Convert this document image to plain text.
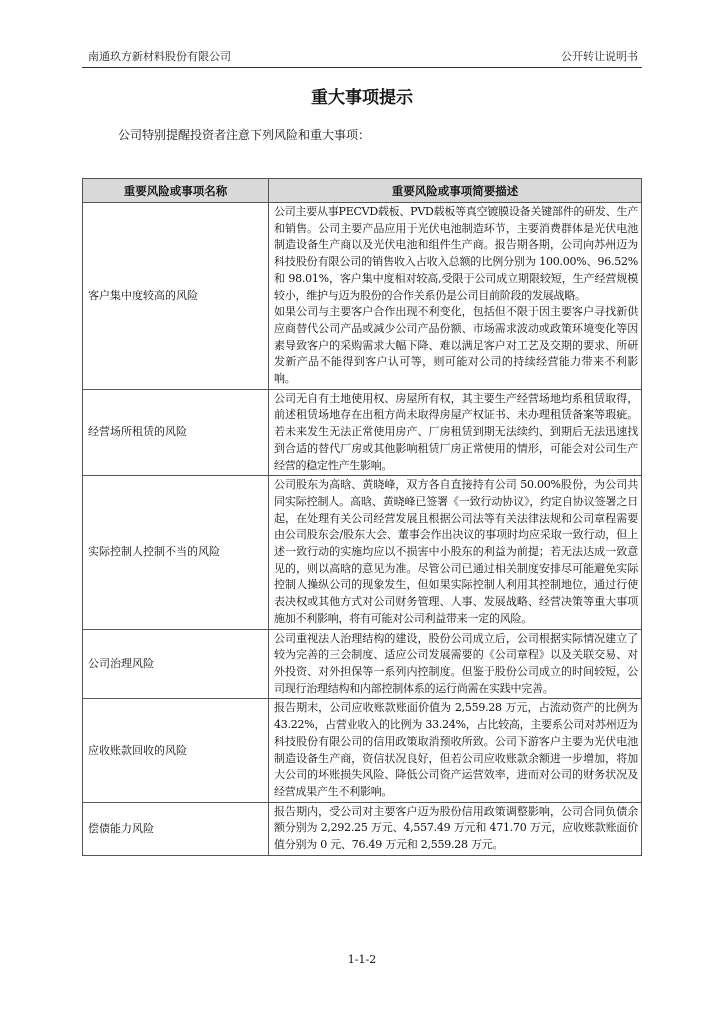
南通玖方新材料股份有限公司	公开转让说明书
重大事项提示
公司特别提醒投资者注意下列风险和重大事项：
重要风险或事项名称	重要风险或事项简要描述
客户集中度较高的风险	公司主要从事PECVD载板、PVD载板等真空镀膜设备关键部件的研发、生产和销售。公司主要产品应用于光伏电池制造环节，主要消费群体是光伏电池制造设备生产商以及光伏电池和组件生产商。报告期各期，公司向苏州迈为科技股份有限公司的销售收入占收入总额的比例分别为 100.00%、96.52%和 98.01%，客户集中度相对较高,受限于公司成立期限较短，生产经营规模较小，维护与迈为股份的合作关系仍是公司目前阶段的发展战略。

如果公司与主要客户合作出现不利变化，包括但不限于因主要客户寻找新供应商替代公司产品或减少公司产品份额、市场需求波动或政策环境变化等因素导致客户的采购需求大幅下降、难以满足客户对工艺及交期的要求、所研发新产品不能得到客户认可等，则可能对公司的持续经营能力带来不利影响。

经营场所租赁的风险	公司无自有土地使用权、房屋所有权，其主要生产经营场地均系租赁取得，前述租赁场地存在出租方尚未取得房屋产权证书、未办理租赁备案等瑕疵。若未来发生无法正常使用房产、厂房租赁到期无法续约、到期后无法迅速找到合适的替代厂房或其他影响租赁厂房正常使用的情形，可能会对公司生产经营的稳定性产生影响。

实际控制人控制不当的风险	公司股东为高晗、黄晓峰，双方各自直接持有公司 50.00%股份，为公司共同实际控制人。高晗、黄晓峰已签署《一致行动协议》，约定自协议签署之日起，在处理有关公司经营发展且根据公司法等有关法律法规和公司章程需要由公司股东会/股东大会、董事会作出决议的事项时均应采取一致行动，但上述一致行动的实施均应以不损害中小股东的利益为前提；若无法达成一致意见的，则以高晗的意见为准。尽管公司已通过相关制度安排尽可能避免实际控制人操纵公司的现象发生，但如果实际控制人利用其控制地位，通过行使表决权或其他方式对公司财务管理、人事、发展战略、经营决策等重大事项施加不利影响，将有可能对公司利益带来一定的风险。

公司治理风险	公司重视法人治理结构的建设，股份公司成立后，公司根据实际情况建立了较为完善的三会制度、适应公司发展需要的《公司章程》以及关联交易、对外投资、对外担保等一系列内控制度。但鉴于股份公司成立的时间较短，公司现行治理结构和内部控制体系的运行尚需在实践中完善。

应收账款回收的风险	报告期末，公司应收账款账面价值为 2,559.28 万元，占流动资产的比例为 43.22%，占营业收入的比例为 33.24%，占比较高，主要系公司对苏州迈为科技股份有限公司的信用政策取消预收所致。公司下游客户主要为光伏电池制造设备生产商，资信状况良好，但若公司应收账款余额进一步增加，将加大公司的坏账损失风险、降低公司资产运营效率，进而对公司的财务状况及经营成果产生不利影响。

偿债能力风险	报告期内，受公司对主要客户迈为股份信用政策调整影响，公司合同负债余额分别为 2,292.25 万元、4,557.49 万元和 471.70 万元，应收账款账面价值分别为 0 元、76.49 万元和 2,559.28 万元。

1-1-2
